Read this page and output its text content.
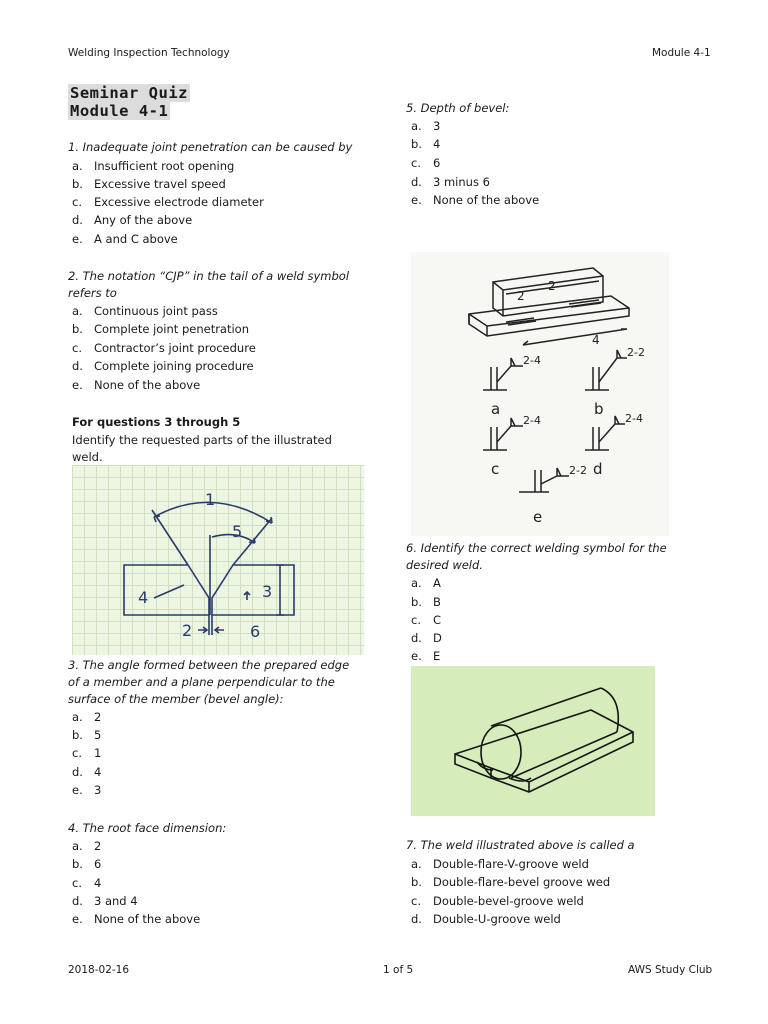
Welding Inspection Technology	Module 4-1
Seminar Quiz
Module 4-1
1. Inadequate joint penetration can be caused by
a. Insufficient root opening
b. Excessive travel speed
c.	Excessive electrode diameter
d. Any of the above
e. A and C above
2. The notation “CJP” in the tail of a weld symbol
refers to
a. Continuous joint pass
b. Complete joint penetration
c.	Contractor’s joint procedure
d. Complete joining procedure
e. None of the above
For questions 3 through 5
Identify the requested parts of the illustrated
weld.
1
5
4	3
2	6
3. The angle formed between the prepared edge
of a member and a plane perpendicular to the
surface of the member (bevel angle):
a. 2
b. 5
c.	1
d. 4
e. 3
4. The root face dimension:
a. 2
b. 6
c.	4
d. 3 and 4
e. None of the above
5. Depth of bevel:
a. 3
b. 4
c.	6
d. 3 minus 6
e. None of the above
2
2
4
2-4
2-2
2-4	2-4
2-2
a	b
c	d
e
6. Identify the correct welding symbol for the
desired weld.
a. A
b. B
c.	C
d. D
e. E
7. The weld illustrated above is called a
a. Double-flare-V-groove weld
b. Double-flare-bevel groove wed
c.	Double-bevel-groove weld
d. Double-U-groove weld
2018-02-16	1 of 5	AWS Study Club
